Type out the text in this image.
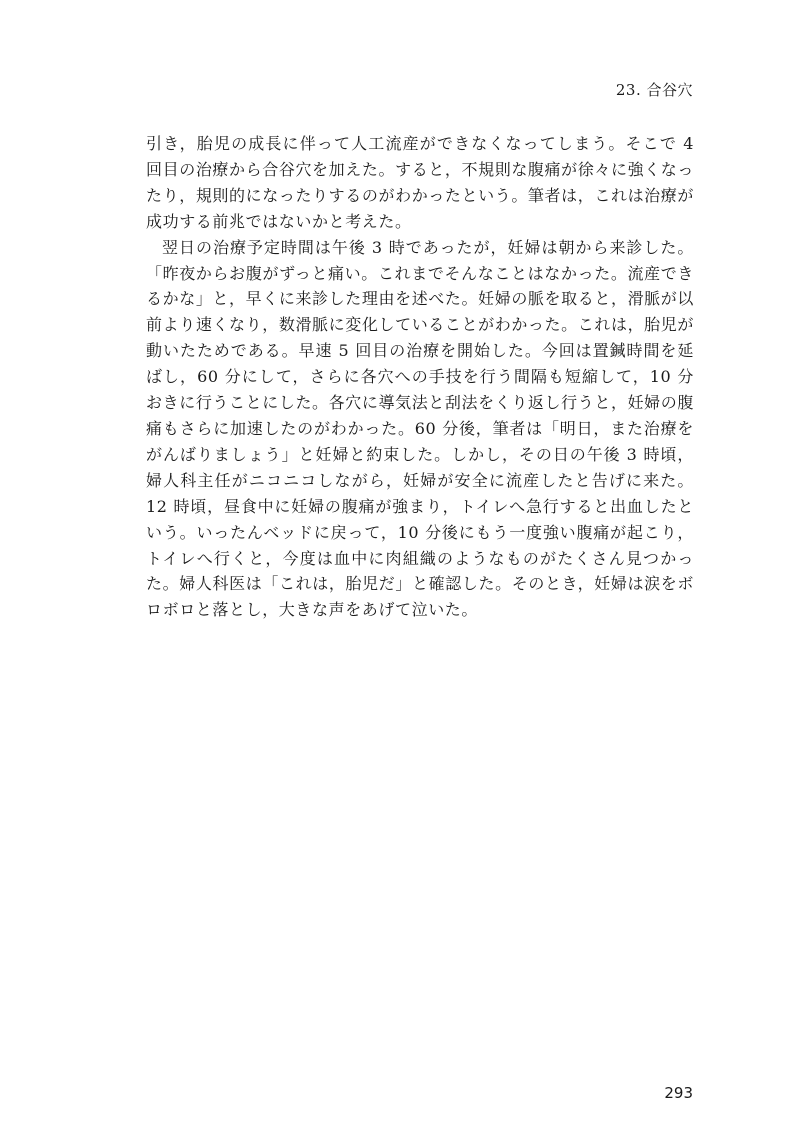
23. 合谷穴

引き，胎児の成長に伴って人工流産ができなくなってしまう。そこで 4 回目の治療から合谷穴を加えた。すると，不規則な腹痛が徐々に強くなったり，規則的になったりするのがわかったという。筆者は，これは治療が成功する前兆ではないかと考えた。

翌日の治療予定時間は午後 3 時であったが，妊婦は朝から来診した。「昨夜からお腹がずっと痛い。これまでそんなことはなかった。流産できるかな」と，早くに来診した理由を述べた。妊婦の脈を取ると，滑脈が以前より速くなり，数滑脈に変化していることがわかった。これは，胎児が動いたためである。早速 5 回目の治療を開始した。今回は置鍼時間を延ばし，60 分にして，さらに各穴への手技を行う間隔も短縮して，10 分おきに行うことにした。各穴に導気法と刮法をくり返し行うと，妊婦の腹痛もさらに加速したのがわかった。60 分後，筆者は「明日，また治療をがんばりましょう」と妊婦と約束した。しかし，その日の午後 3 時頃，婦人科主任がニコニコしながら，妊婦が安全に流産したと告げに来た。12 時頃，昼食中に妊婦の腹痛が強まり，トイレへ急行すると出血したという。いったんベッドに戻って，10 分後にもう一度強い腹痛が起こり，トイレへ行くと，今度は血中に肉組織のようなものがたくさん見つかった。婦人科医は「これは，胎児だ」と確認した。そのとき，妊婦は涙をボロボロと落とし，大きな声をあげて泣いた。

293
